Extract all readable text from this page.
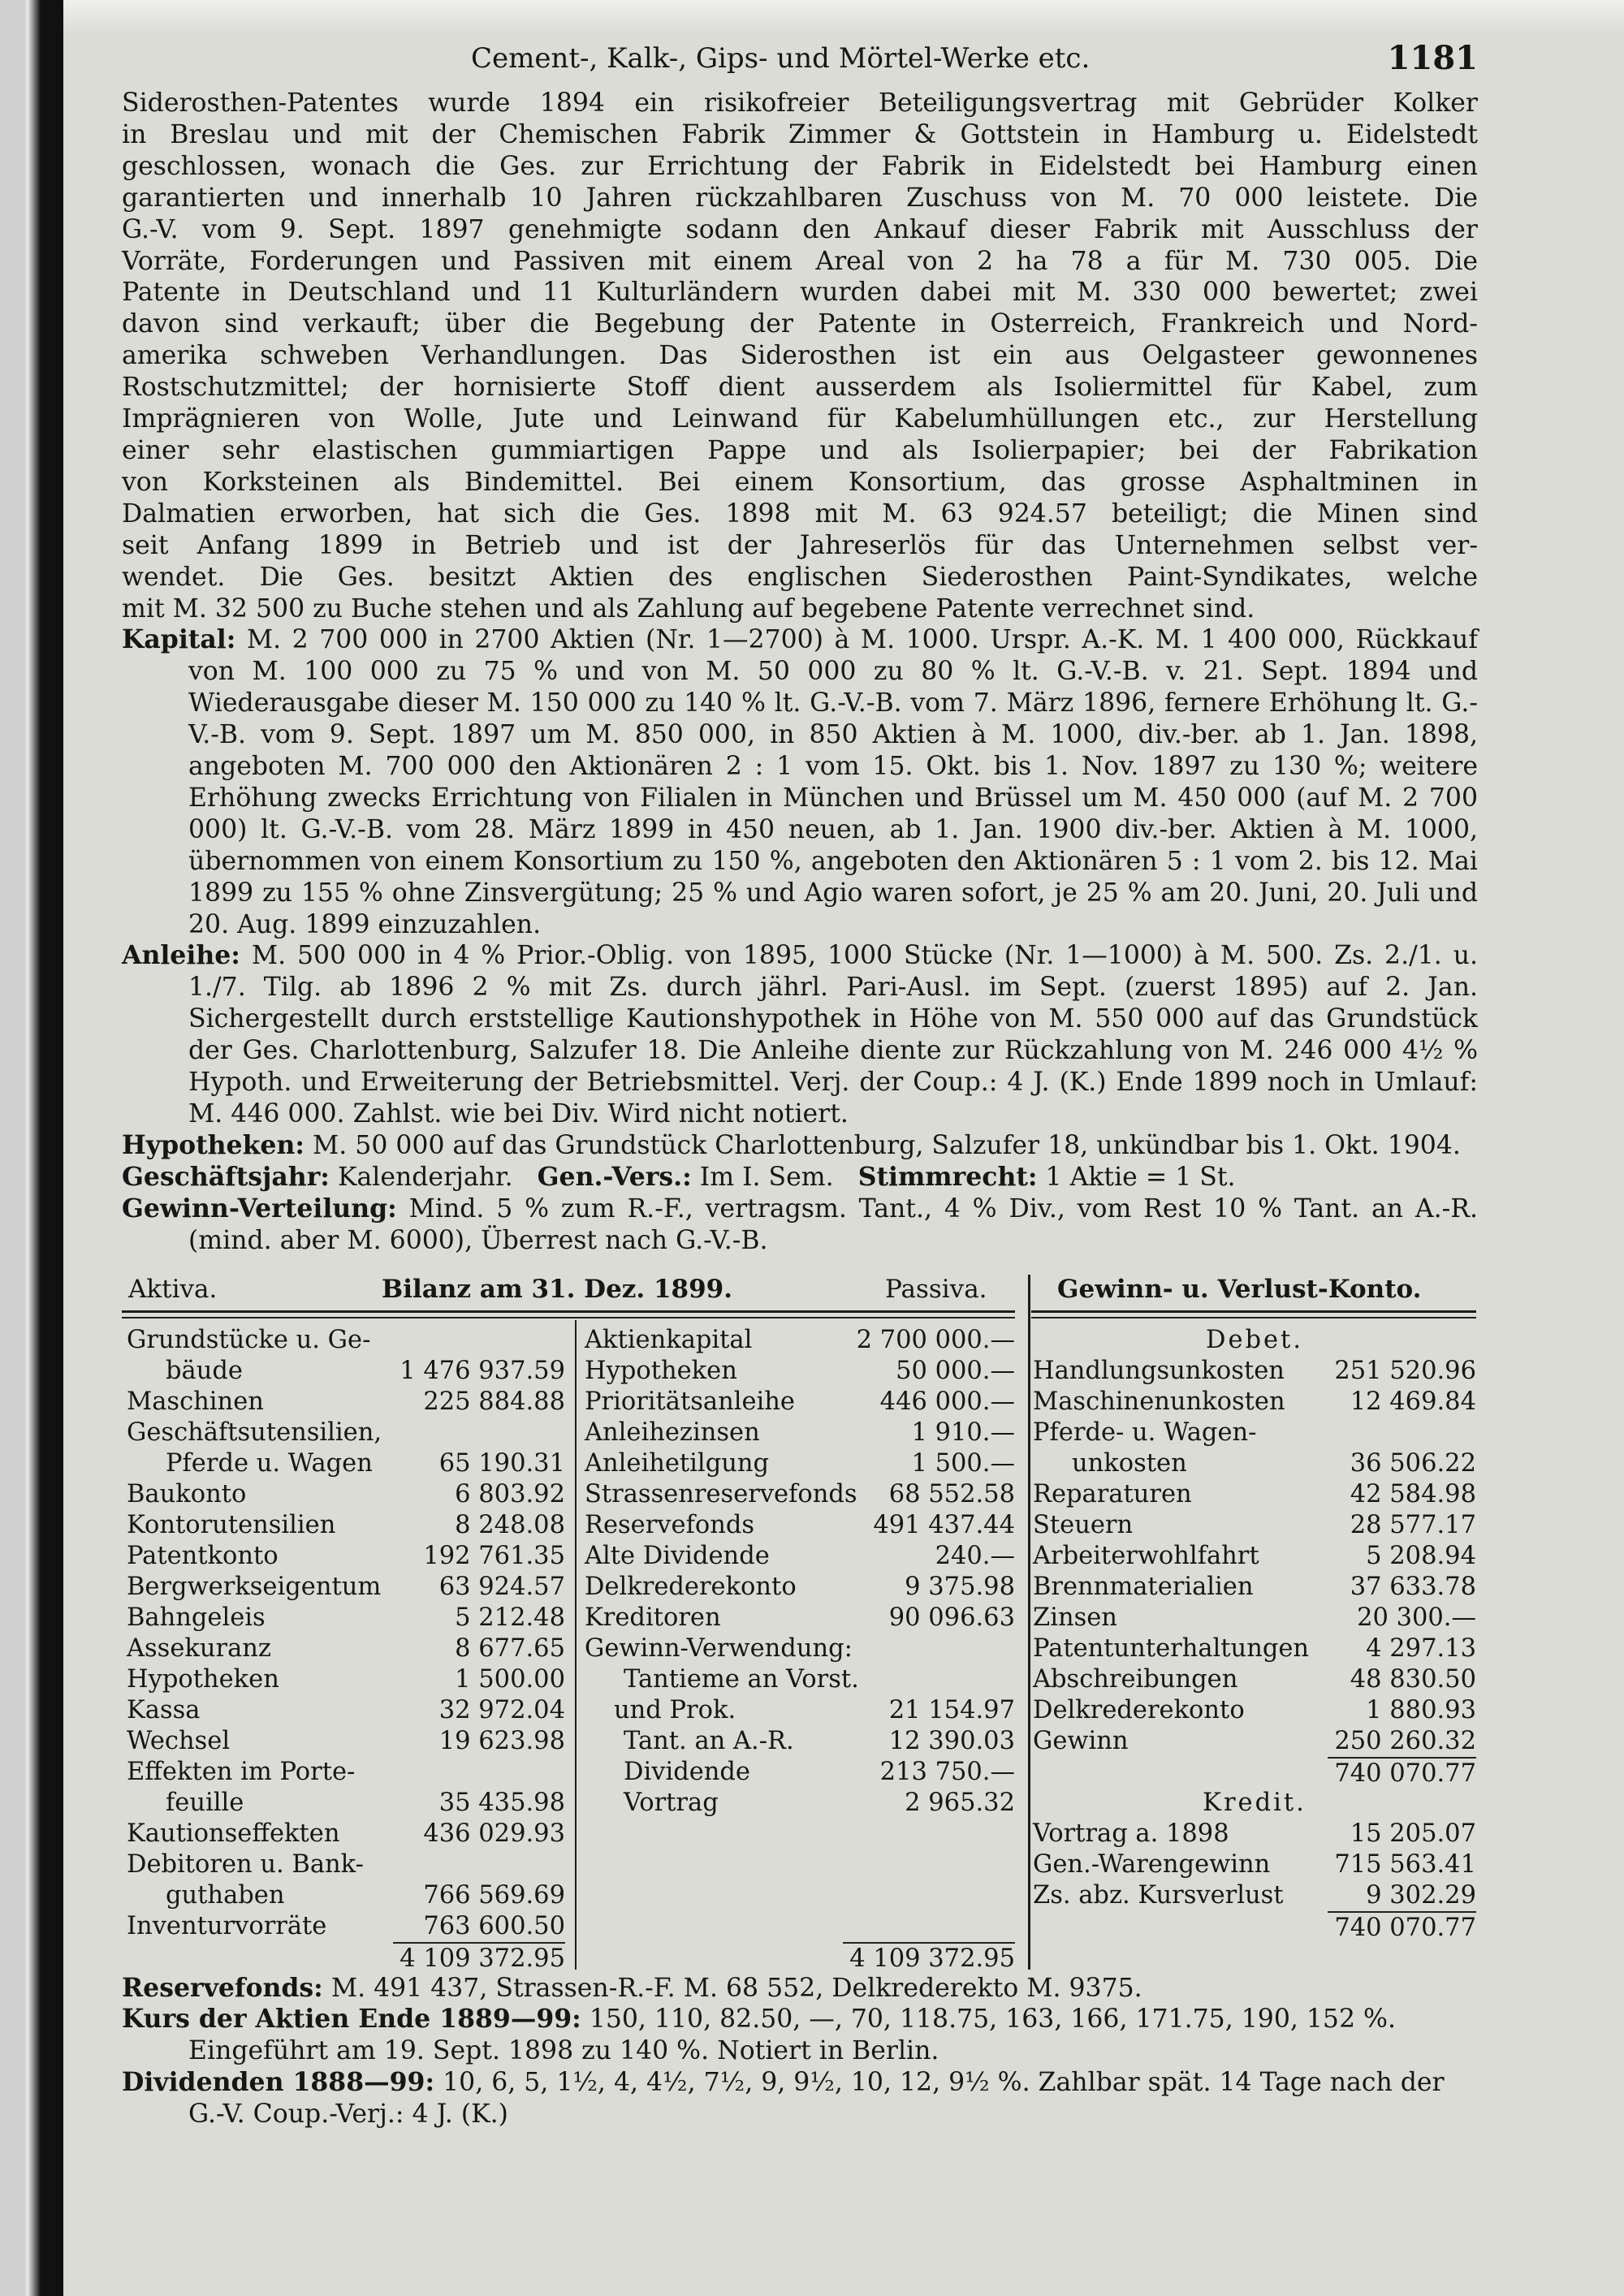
Cement-, Kalk-, Gips- und Mörtel-Werke etc.	1181
Siderosthen-Patentes wurde 1894 ein risikofreier Beteiligungsvertrag mit Gebrüder Kolker
in Breslau und mit der Chemischen Fabrik Zimmer & Gottstein in Hamburg u. Eidelstedt
geschlossen, wonach die Ges. zur Errichtung der Fabrik in Eidelstedt bei Hamburg einen
garantierten und innerhalb 10 Jahren rückzahlbaren Zuschuss von M. 70 000 leistete. Die
G.-V. vom 9. Sept. 1897 genehmigte sodann den Ankauf dieser Fabrik mit Ausschluss der
Vorräte, Forderungen und Passiven mit einem Areal von 2 ha 78 a für M. 730 005. Die
Patente in Deutschland und 11 Kulturländern wurden dabei mit M. 330 000 bewertet; zwei
davon sind verkauft; über die Begebung der Patente in Osterreich, Frankreich und Nord-
amerika schweben Verhandlungen. Das Siderosthen ist ein aus Oelgasteer gewonnenes
Rostschutzmittel; der hornisierte Stoff dient ausserdem als Isoliermittel für Kabel, zum
Imprägnieren von Wolle, Jute und Leinwand für Kabelumhüllungen etc., zur Herstellung
einer sehr elastischen gummiartigen Pappe und als Isolierpapier; bei der Fabrikation
von Korksteinen als Bindemittel. Bei einem Konsortium, das grosse Asphaltminen in
Dalmatien erworben, hat sich die Ges. 1898 mit M. 63 924.57 beteiligt; die Minen sind
seit Anfang 1899 in Betrieb und ist der Jahreserlös für das Unternehmen selbst ver-
wendet. Die Ges. besitzt Aktien des englischen Siederosthen Paint-Syndikates, welche
mit M. 32 500 zu Buche stehen und als Zahlung auf begebene Patente verrechnet sind.

Kapital: M. 2 700 000 in 2700 Aktien (Nr. 1—2700) à M. 1000. Urspr. A.-K. M. 1 400 000, Rückkauf von M. 100 000 zu 75 % und von M. 50 000 zu 80 % lt. G.-V.-B. v. 21. Sept. 1894 und Wiederausgabe dieser M. 150 000 zu 140 % lt. G.-V.-B. vom 7. März 1896, fernere Erhöhung lt. G.-V.-B. vom 9. Sept. 1897 um M. 850 000, in 850 Aktien à M. 1000, div.-ber. ab 1. Jan. 1898, angeboten M. 700 000 den Aktionären 2 : 1 vom 15. Okt. bis 1. Nov. 1897 zu 130 %; weitere Erhöhung zwecks Errichtung von Filialen in München und Brüssel um M. 450 000 (auf M. 2 700 000) lt. G.-V.-B. vom 28. März 1899 in 450 neuen, ab 1. Jan. 1900 div.-ber. Aktien à M. 1000, übernommen von einem Konsortium zu 150 %, angeboten den Aktionären 5 : 1 vom 2. bis 12. Mai 1899 zu 155 % ohne Zinsvergütung; 25 % und Agio waren sofort, je 25 % am 20. Juni, 20. Juli und 20. Aug. 1899 einzuzahlen.

Anleihe: M. 500 000 in 4 % Prior.-Oblig. von 1895, 1000 Stücke (Nr. 1—1000) à M. 500. Zs. 2./1. u. 1./7. Tilg. ab 1896 2 % mit Zs. durch jährl. Pari-Ausl. im Sept. (zuerst 1895) auf 2. Jan. Sichergestellt durch erststellige Kautionshypothek in Höhe von M. 550 000 auf das Grundstück der Ges. Charlottenburg, Salzufer 18. Die Anleihe diente zur Rückzahlung von M. 246 000 4½ % Hypoth. und Erweiterung der Betriebsmittel. Verj. der Coup.: 4 J. (K.) Ende 1899 noch in Umlauf: M. 446 000. Zahlst. wie bei Div. Wird nicht notiert.

Hypotheken: M. 50 000 auf das Grundstück Charlottenburg, Salzufer 18, unkündbar bis 1. Okt. 1904.

Geschäftsjahr: Kalenderjahr. Gen.-Vers.: Im I. Sem. Stimmrecht: 1 Aktie = 1 St.

Gewinn-Verteilung: Mind. 5 % zum R.-F., vertragsm. Tant., 4 % Div., vom Rest 10 % Tant. an A.-R. (mind. aber M. 6000), Überrest nach G.-V.-B.

Aktiva.	Bilanz am 31. Dez. 1899.	Passiva.	Gewinn- u. Verlust-Konto.
Grundstücke u. Ge-
bäude	1 476 937.59
Maschinen	225 884.88
Geschäftsutensilien,
Pferde u. Wagen	65 190.31
Baukonto	6 803.92
Kontorutensilien	8 248.08
Patentkonto	192 761.35
Bergwerkseigentum 63 924.57
Bahngeleis	5 212.48
Assekuranz	8 677.65
Hypotheken	1 500.00
Kassa	32 972.04
Wechsel	19 623.98
Effekten im Porte-
feuille	35 435.98
Kautionseffekten	436 029.93
Debitoren u. Bank-
guthaben	766 569.69
Inventurvorräte	763 600.50
4 109 372.95
Aktienkapital	2 700 000.—
Hypotheken	50 000.—
Prioritätsanleihe	446 000.—
Anleihezinsen	1 910.—
Anleihetilgung	1 500.—
Strassenreservefonds 68 552.58
Reservefonds	491 437.44
Alte Dividende	240.—
Delkrederekonto	9 375.98
Kreditoren	90 096.63
Gewinn-Verwendung:
Tantieme an Vorst.
und Prok.	21 154.97
Tant. an A.-R.	12 390.03
Dividende	213 750.—
Vortrag	2 965.32
4 109 372.95
Debet.
Handlungsunkosten 251 520.96
Maschinenunkosten	12 469.84
Pferde- u. Wagen-
unkosten	36 506.22
Reparaturen	42 584.98
Steuern	28 577.17
Arbeiterwohlfahrt	5 208.94
Brennmaterialien	37 633.78
Zinsen	20 300.—
Patentunterhaltungen 4 297.13
Abschreibungen	48 830.50
Delkrederekonto	1 880.93
Gewinn	250 260.32
740 070.77
Kredit.
Vortrag a. 1898	15 205.07
Gen.-Warengewinn	715 563.41
Zs. abz. Kursverlust	9 302.29
740 070.77

Reservefonds: M. 491 437, Strassen-R.-F. M. 68 552, Delkrederekto M. 9375.

Kurs der Aktien Ende 1889—99: 150, 110, 82.50, —, 70, 118.75, 163, 166, 171.75, 190, 152 %. Eingeführt am 19. Sept. 1898 zu 140 %. Notiert in Berlin.

Dividenden 1888—99: 10, 6, 5, 1½, 4, 4½, 7½, 9, 9½, 10, 12, 9½ %. Zahlbar spät. 14 Tage nach der G.-V. Coup.-Verj.: 4 J. (K.)
